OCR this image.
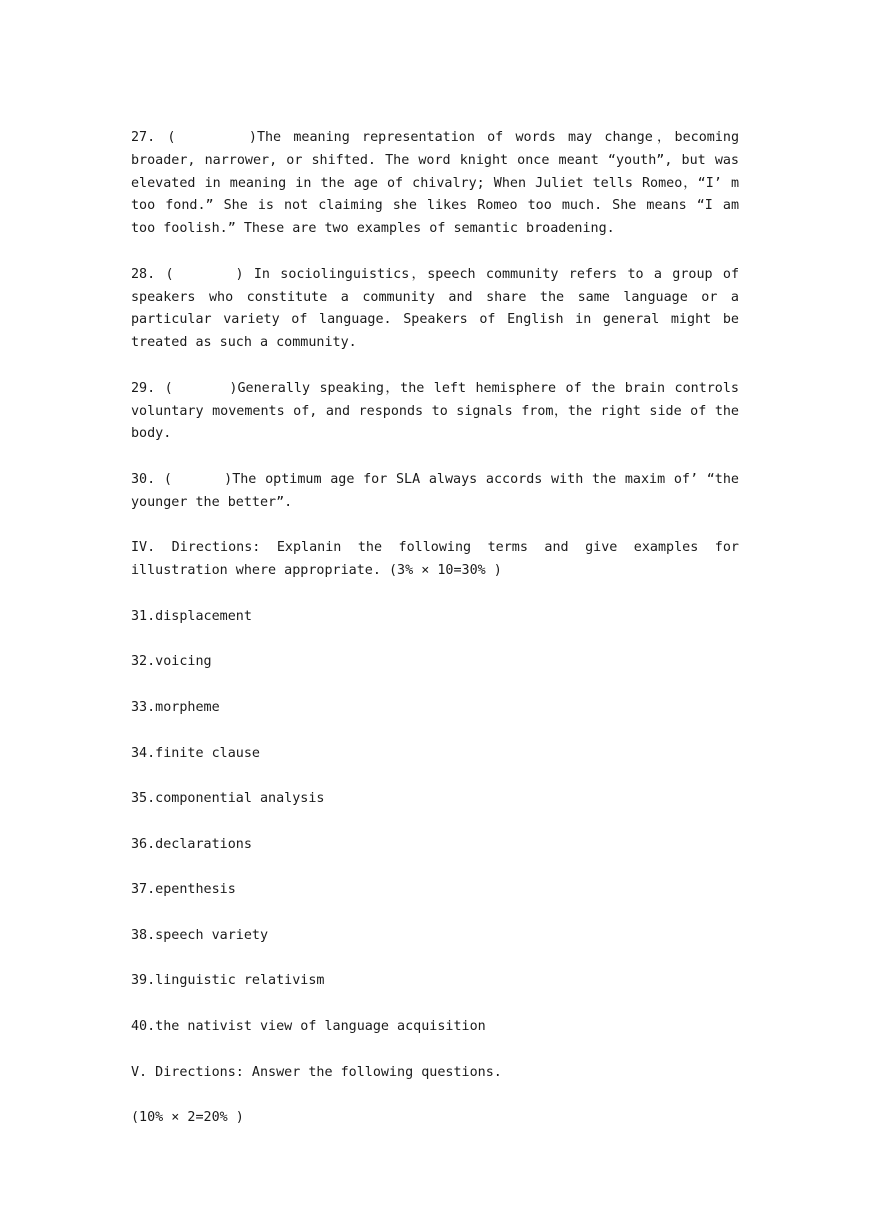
27. (      )The meaning representation of words may change，becoming broader, narrower, or shifted. The word knight once meant “youth”, but was elevated in meaning in the age of chivalry; When Juliet tells Romeo，“I’ m too fond.” She is not claiming she likes Romeo too much. She means “I am too foolish.” These are two examples of semantic broadening.

28. (      ) In sociolinguistics，speech community refers to a group of speakers who constitute a community and share the same language or a particular variety of language. Speakers of English in general might be treated as such a community.

29. (      )Generally speaking，the left hemisphere of the brain controls voluntary movements of, and responds to signals from，the right side of the body.

30. (      )The optimum age for SLA always accords with the maxim of’ “the younger the better”.

IV. Directions: Explanin the following terms and give examples for illustration where appropriate. (3% × 10=30% )

31.displacement

32.voicing

33.morpheme

34.finite clause

35.componential analysis

36.declarations

37.epenthesis

38.speech variety

39.linguistic relativism

40.the nativist view of language acquisition

V. Directions: Answer the following questions.

(10% × 2=20% )
